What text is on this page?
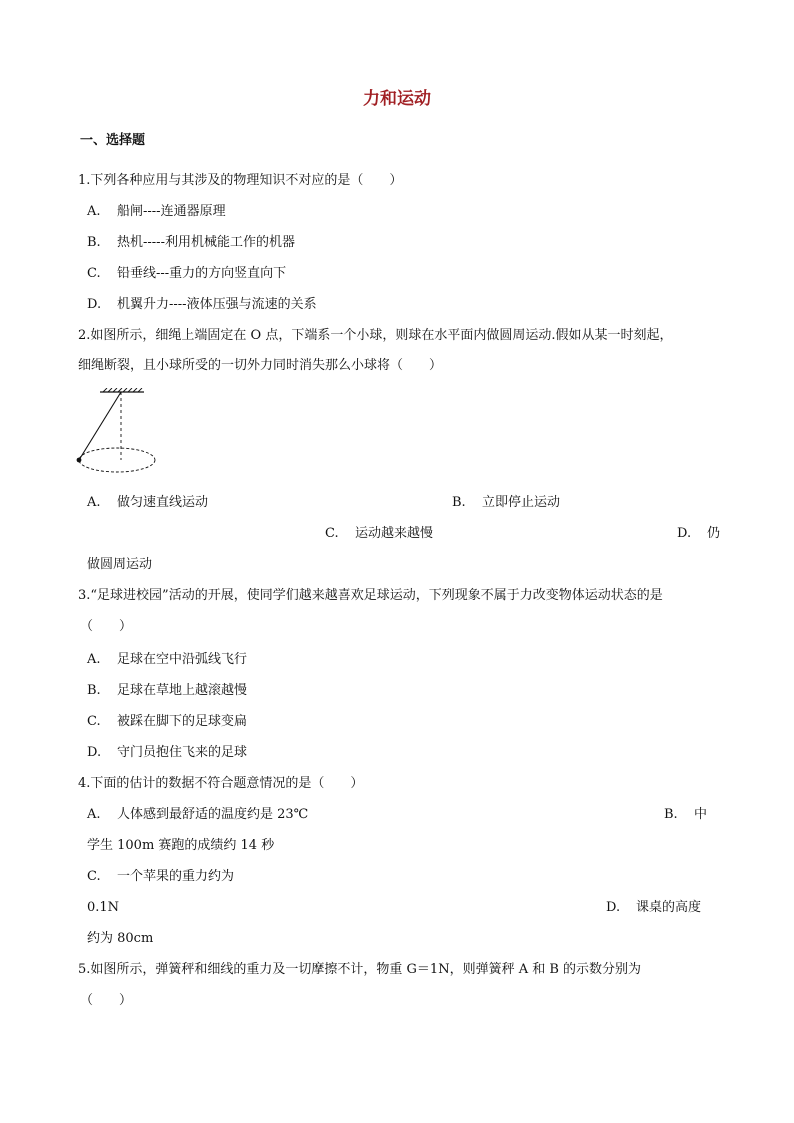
力和运动
一、选择题
1.下列各种应用与其涉及的物理知识不对应的是（　　）
A. 船闸----连通器原理
B. 热机-----利用机械能工作的机器
C. 铅垂线---重力的方向竖直向下
D. 机翼升力----液体压强与流速的关系
2.如图所示，细绳上端固定在 O 点，下端系一个小球，则球在水平面内做圆周运动.假如从某一时刻起，
细绳断裂，且小球所受的一切外力同时消失那么小球将（　　）
A. 做匀速直线运动	B. 立即停止运动
C. 运动越来越慢	D. 仍
做圆周运动
3.“足球进校园”活动的开展，使同学们越来越喜欢足球运动，下列现象不属于力改变物体运动状态的是
（　　）
A. 足球在空中沿弧线飞行
B. 足球在草地上越滚越慢
C. 被踩在脚下的足球变扁
D. 守门员抱住飞来的足球
4.下面的估计的数据不符合题意情况的是（　　）
A. 人体感到最舒适的温度约是 23℃	B. 中
学生 100m 赛跑的成绩约 14 秒
C. 一个苹果的重力约为
0.1N	D. 课桌的高度
约为 80cm
5.如图所示，弹簧秤和细线的重力及一切摩擦不计，物重 G＝1N，则弹簧秤 A 和 B 的示数分别为
（　　）
